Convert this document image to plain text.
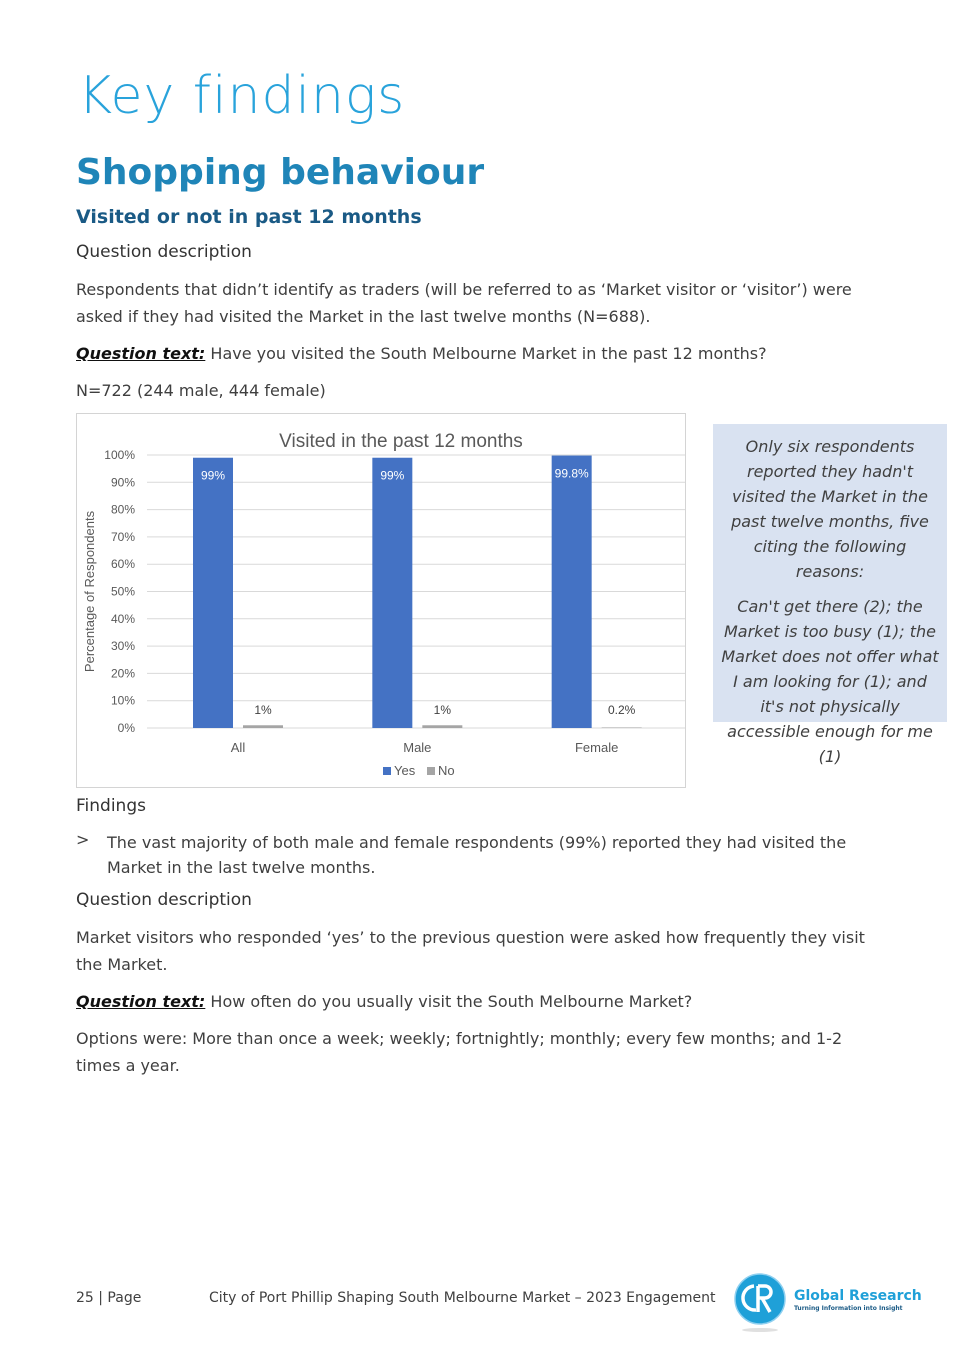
Key findings
Shopping behaviour
Visited or not in past 12 months
Question description
Respondents that didn’t identify as traders (will be referred to as ‘Market visitor or ‘visitor’) were asked if they had visited the Market in the last twelve months (N=688).
Question text: Have you visited the South Melbourne Market in the past 12 months?
N=722 (244 male, 444 female)
Visited in the past 12 months
0%
10%
20%
30%
40%
50%
60%
70%
80%
90%
100%
Percentage of Respondents
99%
1%
All
99%
1%
Male
99.8%
0.2%
Female
Yes No

Only six respondents reported they hadn't visited the Market in the past twelve months, five citing the following reasons:

Can't get there (2); the Market is too busy (1); the Market does not offer what I am looking for (1); and it's not physically accessible enough for me (1)

Findings
> The vast majority of both male and female respondents (99%) reported they had visited the Market in the last twelve months.
Question description
Market visitors who responded ‘yes’ to the previous question were asked how frequently they visit the Market.
Question text: How often do you usually visit the South Melbourne Market?
Options were: More than once a week; weekly; fortnightly; monthly; every few months; and 1-2 times a year.
25 | Page	City of Port Phillip Shaping South Melbourne Market – 2023 Engagement	Global Research
Turning Information into Insight
